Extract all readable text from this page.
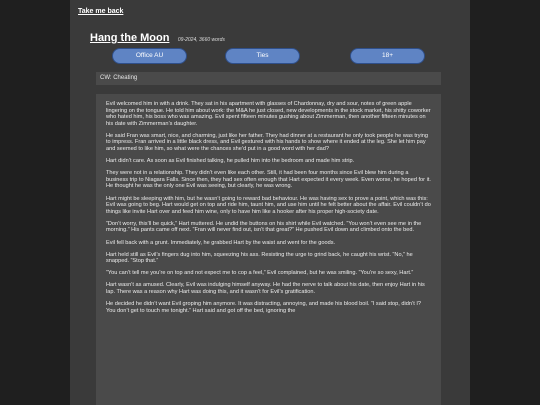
Take me back
Hang the Moon 09-2024, 3660 words
Office AU	Ties	18+
CW: Cheating

Evil welcomed him in with a drink. They sat in his apartment with glasses of Chardonnay, dry and sour, notes of green apple lingering on the tongue. He told him about work: the M&A he just closed, new developments in the stock market, his shitty coworker who hated him, his boss who was amazing. Evil spent fifteen minutes gushing about Zimmerman, then another fifteen minutes on his date with Zimmerman’s daughter.

He said Fran was smart, nice, and charming, just like her father. They had dinner at a restaurant he only took people he was trying to impress. Fran arrived in a little black dress, and Evil gestured with his hands to show where it ended at the leg. She let him pay and seemed to like him, so what were the chances she’d put in a good word with her dad?

Hart didn’t care. As soon as Evil finished talking, he pulled him into the bedroom and made him strip.

They were not in a relationship. They didn’t even like each other. Still, it had been four months since Evil blew him during a business trip to Niagara Falls. Since then, they had sex often enough that Hart expected it every week. Even worse, he hoped for it. He thought he was the only one Evil was seeing, but clearly, he was wrong.

Hart might be sleeping with him, but he wasn’t going to reward bad behaviour. He was having sex to prove a point, which was this: Evil was going to beg. Hart would get on top and ride him, taunt him, and use him until he felt better about the affair. Evil couldn’t do things like invite Hart over and feed him wine, only to have him like a hooker after his proper high-society date.

“Don’t worry, this’ll be quick,” Hart muttered. He undid the buttons on his shirt while Evil watched. “You won’t even see me in the morning.” His pants came off next. “Fran will never find out, isn’t that great?” He pushed Evil down and climbed onto the bed.

Evil fell back with a grunt. Immediately, he grabbed Hart by the waist and went for the goods.

Hart held still as Evil’s fingers dug into him, squeezing his ass. Resisting the urge to grind back, he caught his wrist. “No,” he snapped. “Stop that.”

“You can’t tell me you’re on top and not expect me to cop a feel,” Evil complained, but he was smiling. “You’re so sexy, Hart.”

Hart wasn’t as amused. Clearly, Evil was indulging himself anyway. He had the nerve to talk about his date, then enjoy Hart in his lap. There was a reason why Hart was doing this, and it wasn’t for Evil’s gratification.

He decided he didn’t want Evil groping him anymore. It was distracting, annoying, and made his blood boil. “I said stop, didn’t I? You don’t get to touch me tonight.” Hart said and got off the bed, ignoring the
